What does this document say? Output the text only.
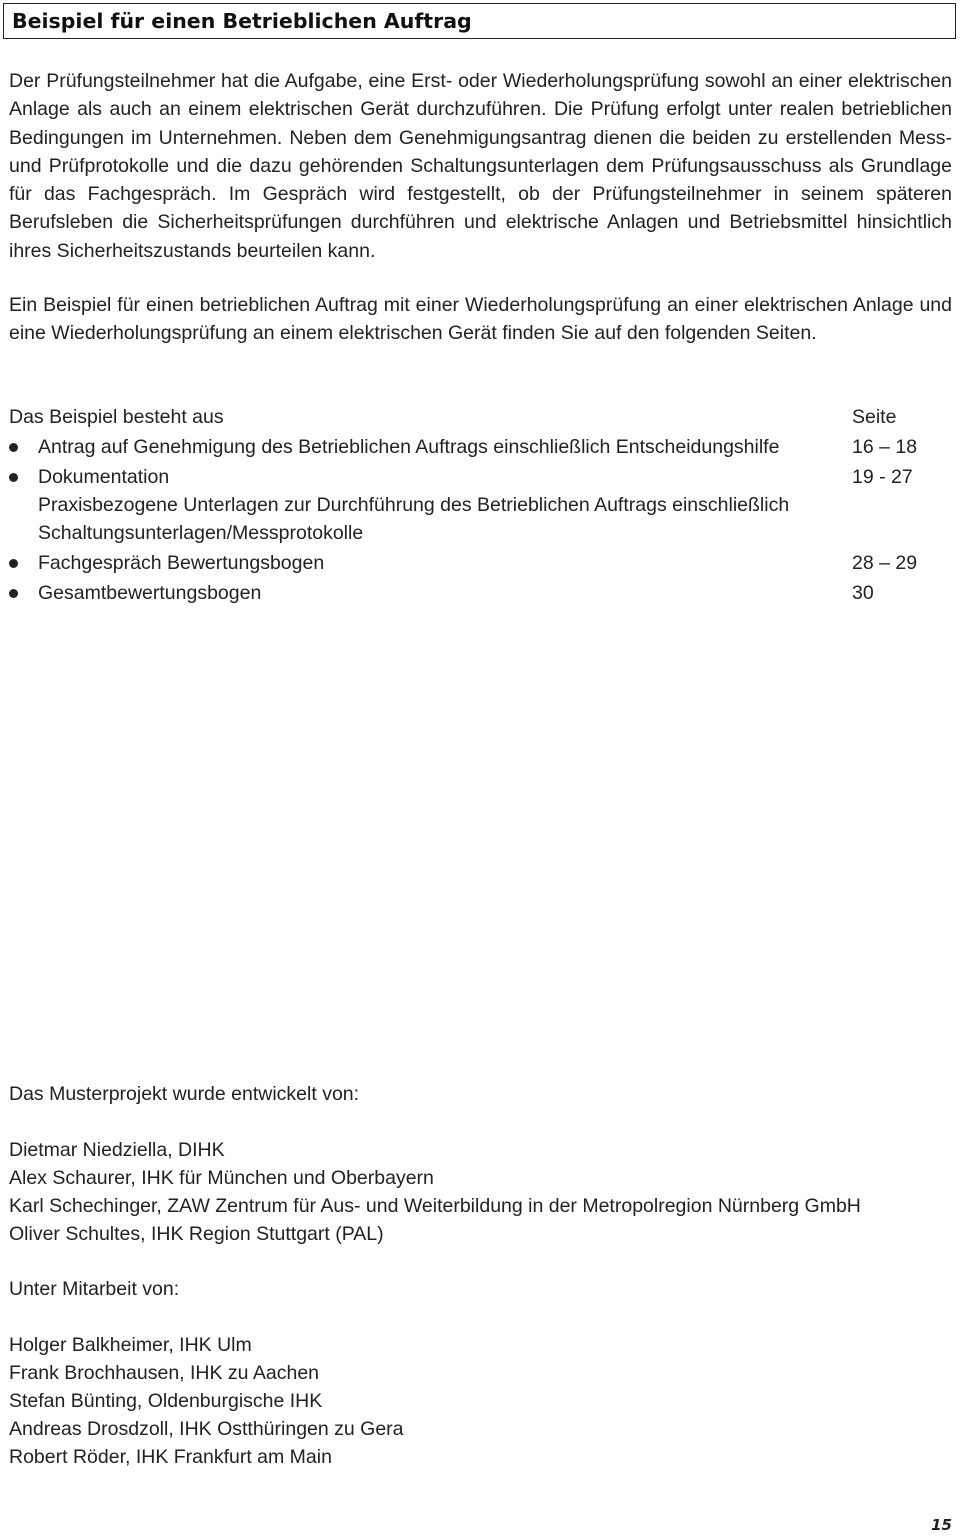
Beispiel für einen Betrieblichen Auftrag

Der Prüfungsteilnehmer hat die Aufgabe, eine Erst- oder Wiederholungsprüfung sowohl an einer elektrischen Anlage als auch an einem elektrischen Gerät durchzuführen. Die Prüfung erfolgt unter realen betrieblichen Bedingungen im Unternehmen. Neben dem Genehmigungsantrag dienen die beiden zu erstellenden Mess- und Prüfprotokolle und die dazu gehörenden Schaltungsunterlagen dem Prüfungsausschuss als Grundlage für das Fachgespräch. Im Gespräch wird festgestellt, ob der Prüfungsteilnehmer in seinem späteren Berufsleben die Sicherheitsprüfungen durchführen und elektrische Anlagen und Betriebsmittel hinsichtlich ihres Sicherheitszustands beurteilen kann.

Ein Beispiel für einen betrieblichen Auftrag mit einer Wiederholungsprüfung an einer elektrischen Anlage und eine Wiederholungsprüfung an einem elektrischen Gerät finden Sie auf den folgenden Seiten.

Das Beispiel besteht aus	Seite
Antrag auf Genehmigung des Betrieblichen Auftrags einschließlich Entscheidungshilfe	16 – 18
Dokumentation	19 - 27
Praxisbezogene Unterlagen zur Durchführung des Betrieblichen Auftrags einschließlich
Schaltungsunterlagen/Messprotokolle
Fachgespräch Bewertungsbogen	28 – 29
Gesamtbewertungsbogen	30
Das Musterprojekt wurde entwickelt von:
Dietmar Niedziella, DIHK
Alex Schaurer, IHK für München und Oberbayern
Karl Schechinger, ZAW Zentrum für Aus- und Weiterbildung in der Metropolregion Nürnberg GmbH
Oliver Schultes, IHK Region Stuttgart (PAL)
Unter Mitarbeit von:
Holger Balkheimer, IHK Ulm
Frank Brochhausen, IHK zu Aachen
Stefan Bünting, Oldenburgische IHK
Andreas Drosdzoll, IHK Ostthüringen zu Gera
Robert Röder, IHK Frankfurt am Main
15
